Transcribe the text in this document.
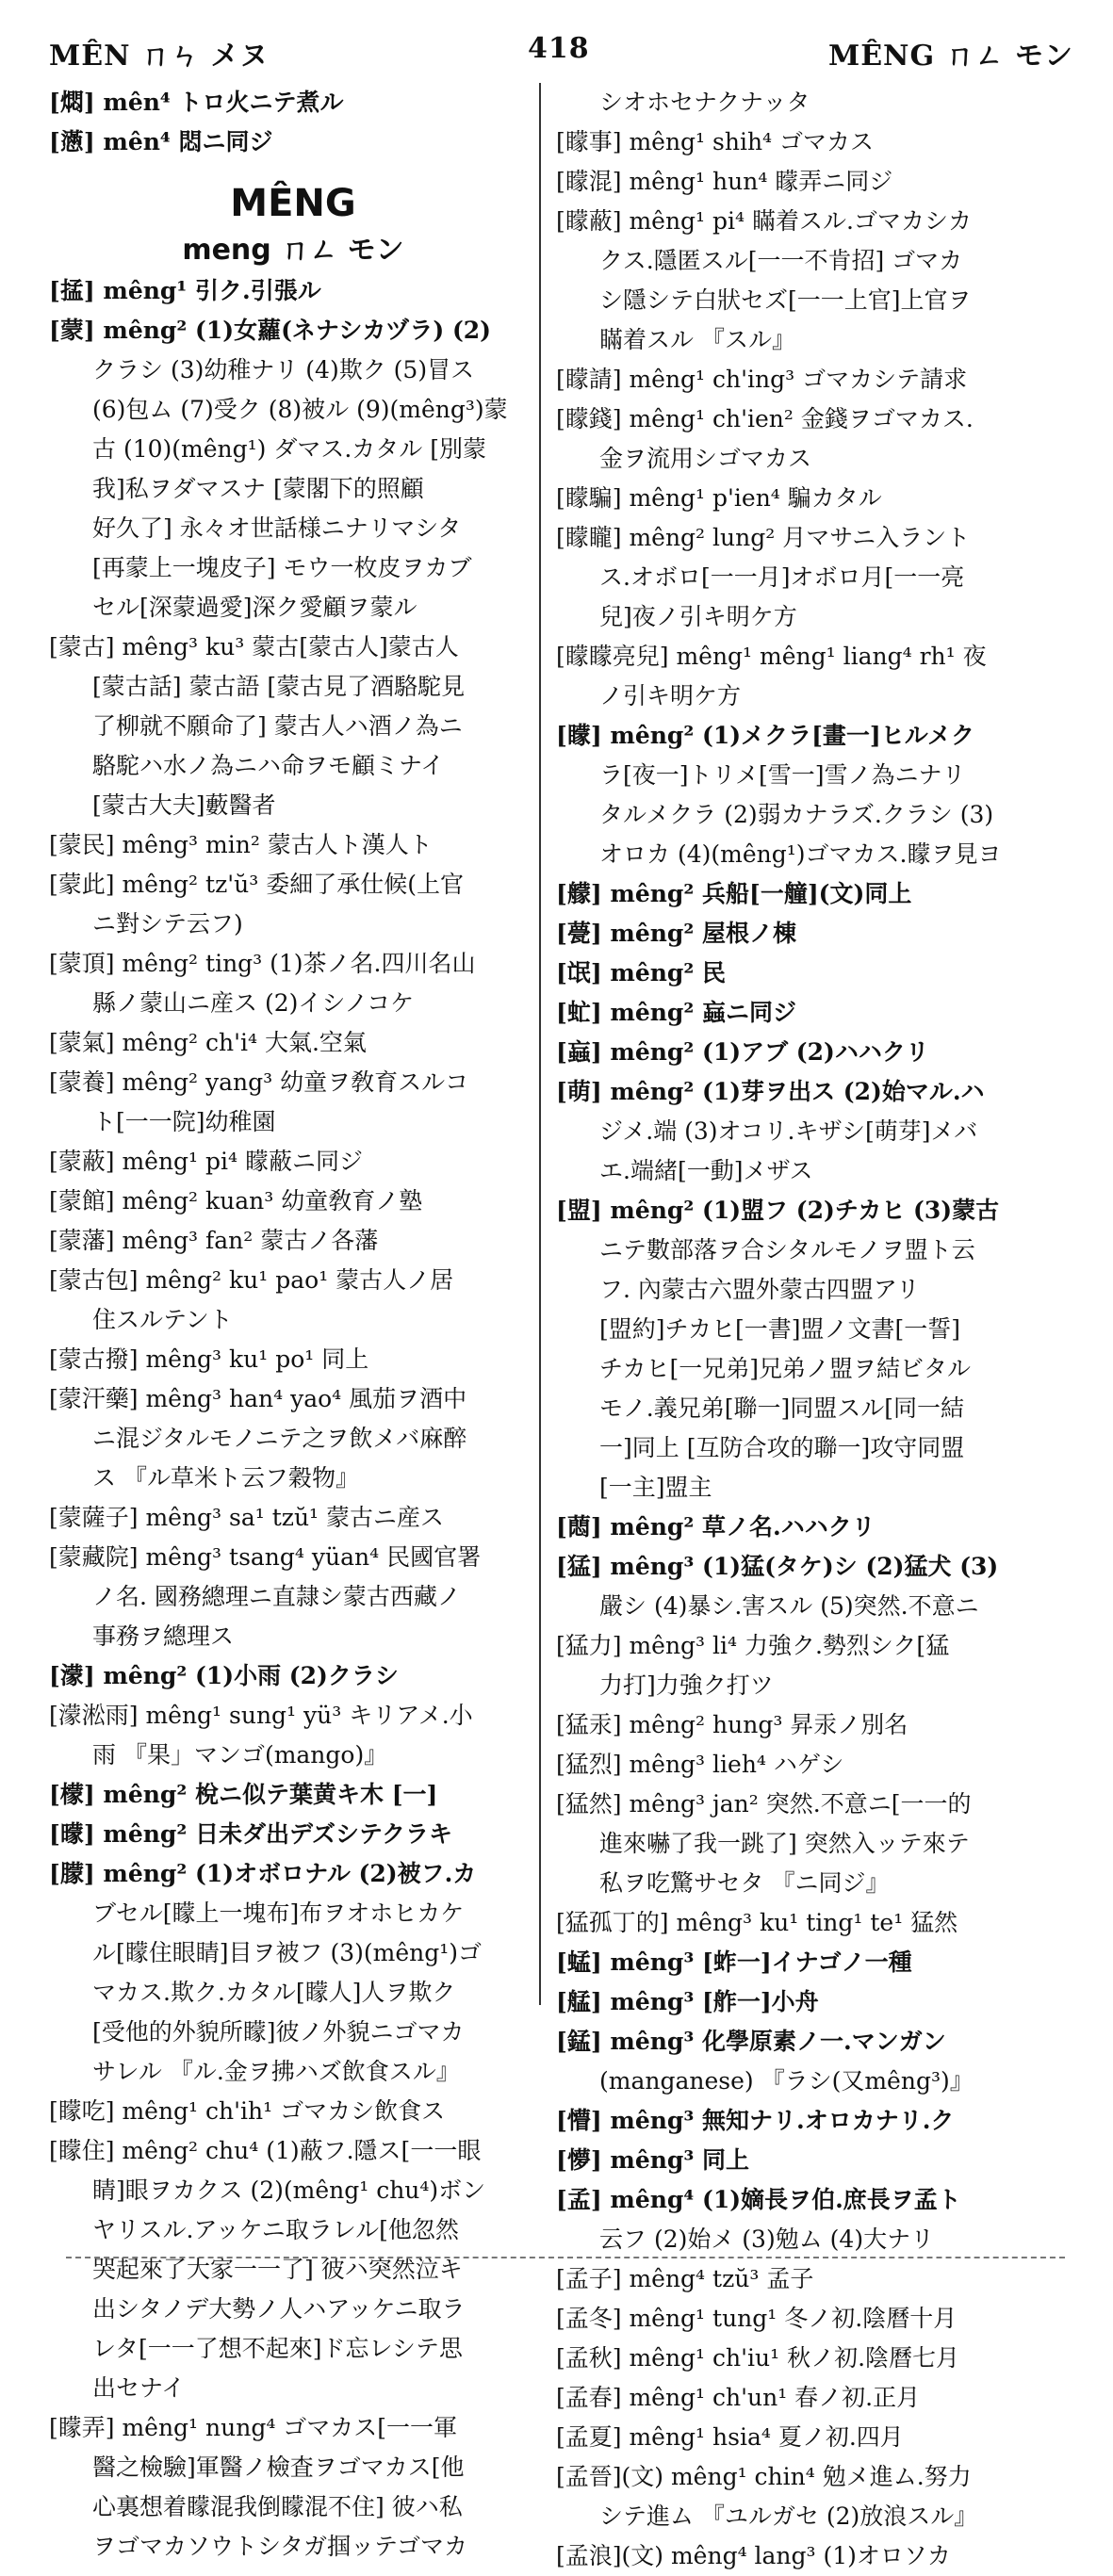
MÊN ㄇㄣ メヌ	418	MÊNG ㄇㄥ モン
[燜] mên⁴ トロ火ニテ煮ル
[懣] mên⁴ 悶ニ同ジ
MÊNG
meng ㄇㄥ モン
[掹] mêng¹ 引ク.引張ル
[蒙] mêng² (1)女蘿(ネナシカヅラ) (2)
クラシ (3)幼稚ナリ (4)欺ク (5)冒ス
(6)包ム (7)受ク (8)被ル (9)(mêng³)蒙
古 (10)(mêng¹) ダマス.カタル [別蒙
我]私ヲダマスナ [蒙閣下的照顧
好久了] 永々オ世話様ニナリマシタ
[再蒙上一塊皮子] モウ一枚皮ヲカブ
セル[深蒙過愛]深ク愛顧ヲ蒙ル
[蒙古] mêng³ ku³ 蒙古[蒙古人]蒙古人
[蒙古話] 蒙古語 [蒙古見了酒駱駝見
了柳就不願命了] 蒙古人ハ酒ノ為ニ
駱駝ハ水ノ為ニハ命ヲモ顧ミナイ
[蒙古大夫]藪醫者
[蒙民] mêng³ min² 蒙古人ト漢人ト
[蒙此] mêng² tz'ŭ³ 委細了承仕候(上官
ニ對シテ云フ)
[蒙頂] mêng² ting³ (1)茶ノ名.四川名山
縣ノ蒙山ニ産ス (2)イシノコケ
[蒙氣] mêng² ch'i⁴ 大氣.空氣
[蒙養] mêng² yang³ 幼童ヲ敎育スルコ
ト[一一院]幼稚園
[蒙蔽] mêng¹ pi⁴ 矇蔽ニ同ジ
[蒙館] mêng² kuan³ 幼童敎育ノ塾
[蒙藩] mêng³ fan² 蒙古ノ各藩
[蒙古包] mêng² ku¹ pao¹ 蒙古人ノ居
住スルテント
[蒙古撥] mêng³ ku¹ po¹ 同上
[蒙汗藥] mêng³ han⁴ yao⁴ 風茄ヲ酒中
ニ混ジタルモノニテ之ヲ飲メバ麻醉
ス 『ル草米ト云フ穀物』
[蒙薩子] mêng³ sa¹ tzŭ¹ 蒙古ニ産ス
[蒙藏院] mêng³ tsang⁴ yüan⁴ 民國官署
ノ名. 國務總理ニ直隷シ蒙古西藏ノ
事務ヲ總理ス
[濛] mêng² (1)小雨 (2)クラシ
[濛淞雨] mêng¹ sung¹ yü³ キリアメ.小
雨 『果」マンゴ(mango)』
[檬] mêng² 梲ニ似テ葉黄キ木 [一]
[曚] mêng² 日未ダ出デズシテクラキ
[朦] mêng² (1)オボロナル (2)被フ.カ
ブセル[矇上一塊布]布ヲオホヒカケ
ル[矇住眼睛]目ヲ被フ (3)(mêng¹)ゴ
マカス.欺ク.カタル[矇人]人ヲ欺ク
[受他的外貌所矇]彼ノ外貌ニゴマカ
サレル 『ル.金ヲ拂ハズ飲食スル』
[矇吃] mêng¹ ch'ih¹ ゴマカシ飲食ス
[矇住] mêng² chu⁴ (1)蔽フ.隱ス[一一眼
睛]眼ヲカクス (2)(mêng¹ chu⁴)ボン
ヤリスル.アッケニ取ラレル[他忽然
哭起來了大家一一了] 彼ハ突然泣キ
出シタノデ大勢ノ人ハアッケニ取ラ
レタ[一一了想不起來]ド忘レシテ思
出セナイ
[矇弄] mêng¹ nung⁴ ゴマカス[一一軍
醫之檢驗]軍醫ノ檢査ヲゴマカス[他
心裏想着矇混我倒矇混不住] 彼ハ私
ヲゴマカソウトシタガ掴ッテゴマカ
シオホセナクナッタ
[矇事] mêng¹ shih⁴ ゴマカス
[矇混] mêng¹ hun⁴ 矇弄ニ同ジ
[矇蔽] mêng¹ pi⁴ 瞞着スル.ゴマカシカ
クス.隱匿スル[一一不肯招] ゴマカ
シ隱シテ白狀セズ[一一上官]上官ヲ
瞞着スル 『スル』
[矇請] mêng¹ ch'ing³ ゴマカシテ請求
[矇錢] mêng¹ ch'ien² 金錢ヲゴマカス.
金ヲ流用シゴマカス
[矇騙] mêng¹ p'ien⁴ 騙カタル
[矇矓] mêng² lung² 月マサニ入ラント
ス.オボロ[一一月]オボロ月[一一亮
兒]夜ノ引キ明ケ方
[矇矇亮兒] mêng¹ mêng¹ liang⁴ rh¹ 夜
ノ引キ明ケ方
[矇] mêng² (1)メクラ[畫一]ヒルメク
ラ[夜一]トリメ[雪一]雪ノ為ニナリ
タルメクラ (2)弱カナラズ.クラシ (3)
オロカ (4)(mêng¹)ゴマカス.矇ヲ見ヨ
[艨] mêng² 兵船[一艟](文)同上
[甍] mêng² 屋根ノ棟
[氓] mêng² 民
[虻] mêng² 蝱ニ同ジ
[蝱] mêng² (1)アブ (2)ハハクリ
[萌] mêng² (1)芽ヲ出ス (2)始マル.ハ
ジメ.端 (3)オコリ.キザシ[萌芽]メバ
エ.端緒[一動]メザス
[盟] mêng² (1)盟フ (2)チカヒ (3)蒙古
ニテ數部落ヲ合シタルモノヲ盟ト云
フ. 內蒙古六盟外蒙古四盟アリ
[盟約]チカヒ[一書]盟ノ文書[一誓]
チカヒ[一兄弟]兄弟ノ盟ヲ結ビタル
モノ.義兄弟[聯一]同盟スル[同一結
一]同上 [互防合攻的聯一]攻守同盟
[一主]盟主
[蕄] mêng² 草ノ名.ハハクリ
[猛] mêng³ (1)猛(タケ)シ (2)猛犬 (3)
嚴シ (4)暴シ.害スル (5)突然.不意ニ
[猛力] mêng³ li⁴ 力強ク.勢烈シク[猛
力打]力強ク打ツ
[猛汞] mêng² hung³ 昇汞ノ別名
[猛烈] mêng³ lieh⁴ ハゲシ
[猛然] mêng³ jan² 突然.不意ニ[一一的
進來嚇了我一跳了] 突然入ッテ來テ
私ヲ吃驚サセタ 『ニ同ジ』
[猛孤丁的] mêng³ ku¹ ting¹ te¹ 猛然
[蜢] mêng³ [蚱一]イナゴノ一種
[艋] mêng³ [舴一]小舟
[錳] mêng³ 化學原素ノ一.マンガン
(manganese) 『ラシ(又mêng³)』
[懵] mêng³ 無知ナリ.オロカナリ.ク
[懜] mêng³ 同上
[孟] mêng⁴ (1)嫡長ヲ伯.庶長ヲ孟ト
云フ (2)始メ (3)勉ム (4)大ナリ
[孟子] mêng⁴ tzŭ³ 孟子
[孟冬] mêng¹ tung¹ 冬ノ初.陰曆十月
[孟秋] mêng¹ ch'iu¹ 秋ノ初.陰曆七月
[孟春] mêng¹ ch'un¹ 春ノ初.正月
[孟夏] mêng¹ hsia⁴ 夏ノ初.四月
[孟晉](文) mêng¹ chin⁴ 勉メ進ム.努力
シテ進ム 『ユルガセ (2)放浪スル』
[孟浪](文) mêng⁴ lang³ (1)オロソカ
